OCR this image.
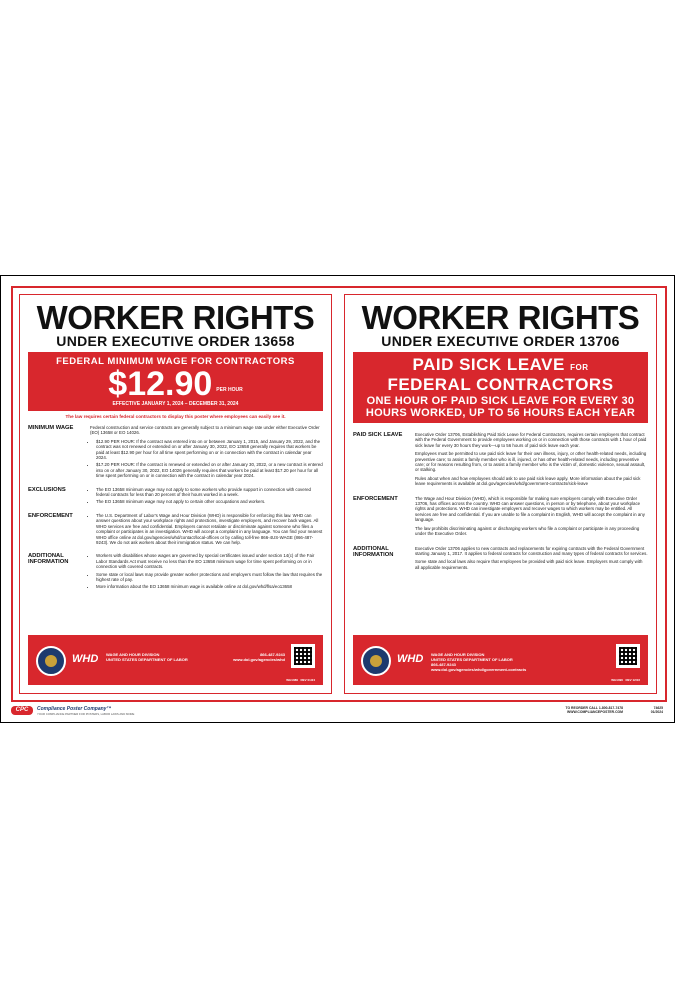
WORKER RIGHTS
UNDER EXECUTIVE ORDER 13658
FEDERAL MINIMUM WAGE FOR CONTRACTORS
$12.90 PER HOUR
EFFECTIVE JANUARY 1, 2024 – DECEMBER 31, 2024
The law requires certain federal contractors to display this poster where employees can easily see it.
MINIMUM WAGE	Federal construction and service contracts are generally subject to a minimum wage rate under either Executive Order (EO) 13658 or EO 14026.

• $12.90 PER HOUR: If the contract was entered into on or between January 1, 2015, and January 29, 2022, and the contract was not renewed or extended on or after January 30, 2022, EO 13658 generally requires that workers be paid at least $12.90 per hour for all time spent performing on or in connection with the contract in calendar year 2024.
• $17.20 PER HOUR: If the contract is renewed or extended on or after January 30, 2022, or a new contract is entered into on or after January 30, 2022, EO 14026 generally requires that workers be paid at least $17.20 per hour for all time spent performing on or in connection with the contract in calendar year 2024.
EXCLUSIONS	• The EO 13658 minimum wage may not apply to some workers who provide support in connection with covered federal contracts for less than 20 percent of their hours worked in a week.
• The EO 13658 minimum wage may not apply to certain other occupations and workers.
ENFORCEMENT	• The U.S. Department of Labor's Wage and Hour Division (WHD) is responsible for enforcing this law. WHD can answer questions about your workplace rights and protections, investigate employers, and recover back wages. All WHD services are free and confidential. Employers cannot retaliate or discriminate against someone who files a complaint or participates in an investigation. WHD will accept a complaint in any language. You can find your nearest WHD office online at dol.gov/agencies/whd/contact/local-offices or by calling toll-free 866-4US-WAGE (866-487-9243). We do not ask workers about their immigration status. We can help.
ADDITIONAL
INFORMATION
• Workers with disabilities whose wages are governed by special certificates issued under section 14(c) of the Fair Labor Standards Act must receive no less than the EO 13658 minimum wage for time spent performing on or in connection with covered contracts.
• Some state or local laws may provide greater worker protections and employers must follow the law that requires the highest rate of pay.
• More information about the EO 13658 minimum wage is available online at dol.gov/whd/flsa/eo13658
WHD WAGE AND HOUR DIVISION
UNITED STATES DEPARTMENT OF LABOR
866-487-9243
www.dol.gov/agencies/whd
WH1089 REV 01/24
WORKER RIGHTS
UNDER EXECUTIVE ORDER 13706
PAID SICK LEAVE FOR
FEDERAL CONTRACTORS
ONE HOUR OF PAID SICK LEAVE FOR EVERY 30 HOURS WORKED, UP TO 56 HOURS EACH YEAR
PAID SICK LEAVE	Executive Order 13706, Establishing Paid Sick Leave for Federal Contractors, requires certain employers that contract with the Federal Government to provide employees working on or in connection with those contracts with 1 hour of paid sick leave for every 30 hours they work—up to 56 hours of paid sick leave each year.

Employees must be permitted to use paid sick leave for their own illness, injury, or other health-related needs, including preventive care; to assist a family member who is ill, injured, or has other health-related needs, including preventive care; or for reasons resulting from, or to assist a family member who is the victim of, domestic violence, sexual assault, or stalking.

Rules about when and how employees should ask to use paid sick leave apply. More information about the paid sick leave requirements is available at dol.gov/agencies/whd/government-contracts/sick-leave

ENFORCEMENT	The Wage and Hour Division (WHD), which is responsible for making sure employers comply with Executive Order 13706, has offices across the country. WHD can answer questions, in person or by telephone, about your workplace rights and protections. WHD can investigate employers and recover wages to which workers may be entitled. All services are free and confidential. If you are unable to file a complaint in English, WHD will accept the complaint in any language.

The law prohibits discriminating against or discharging workers who file a complaint or participate in any proceeding under the Executive Order.

ADDITIONAL
INFORMATION

Executive Order 13706 applies to new contracts and replacements for expiring contracts with the Federal Government starting January 1, 2017. It applies to federal contracts for construction and many types of federal contracts for services.

Some state and local laws also require that employees be provided with paid sick leave. Employers must comply with all applicable requirements.

WHD WAGE AND HOUR DIVISION
UNITED STATES DEPARTMENT OF LABOR
866-487-9243
www.dol.gov/agencies/whd/government-contracts
WH1090 REV 12/16
CPC	Compliance Poster Company™
YOUR COMPLIANCE PARTNER FOR POSTERS, LABOR LAWS AND MORE
TO REORDER CALL 1-800-817-7478
WWW.COMPLIANCEPOSTER.COM
74625
01/2024
